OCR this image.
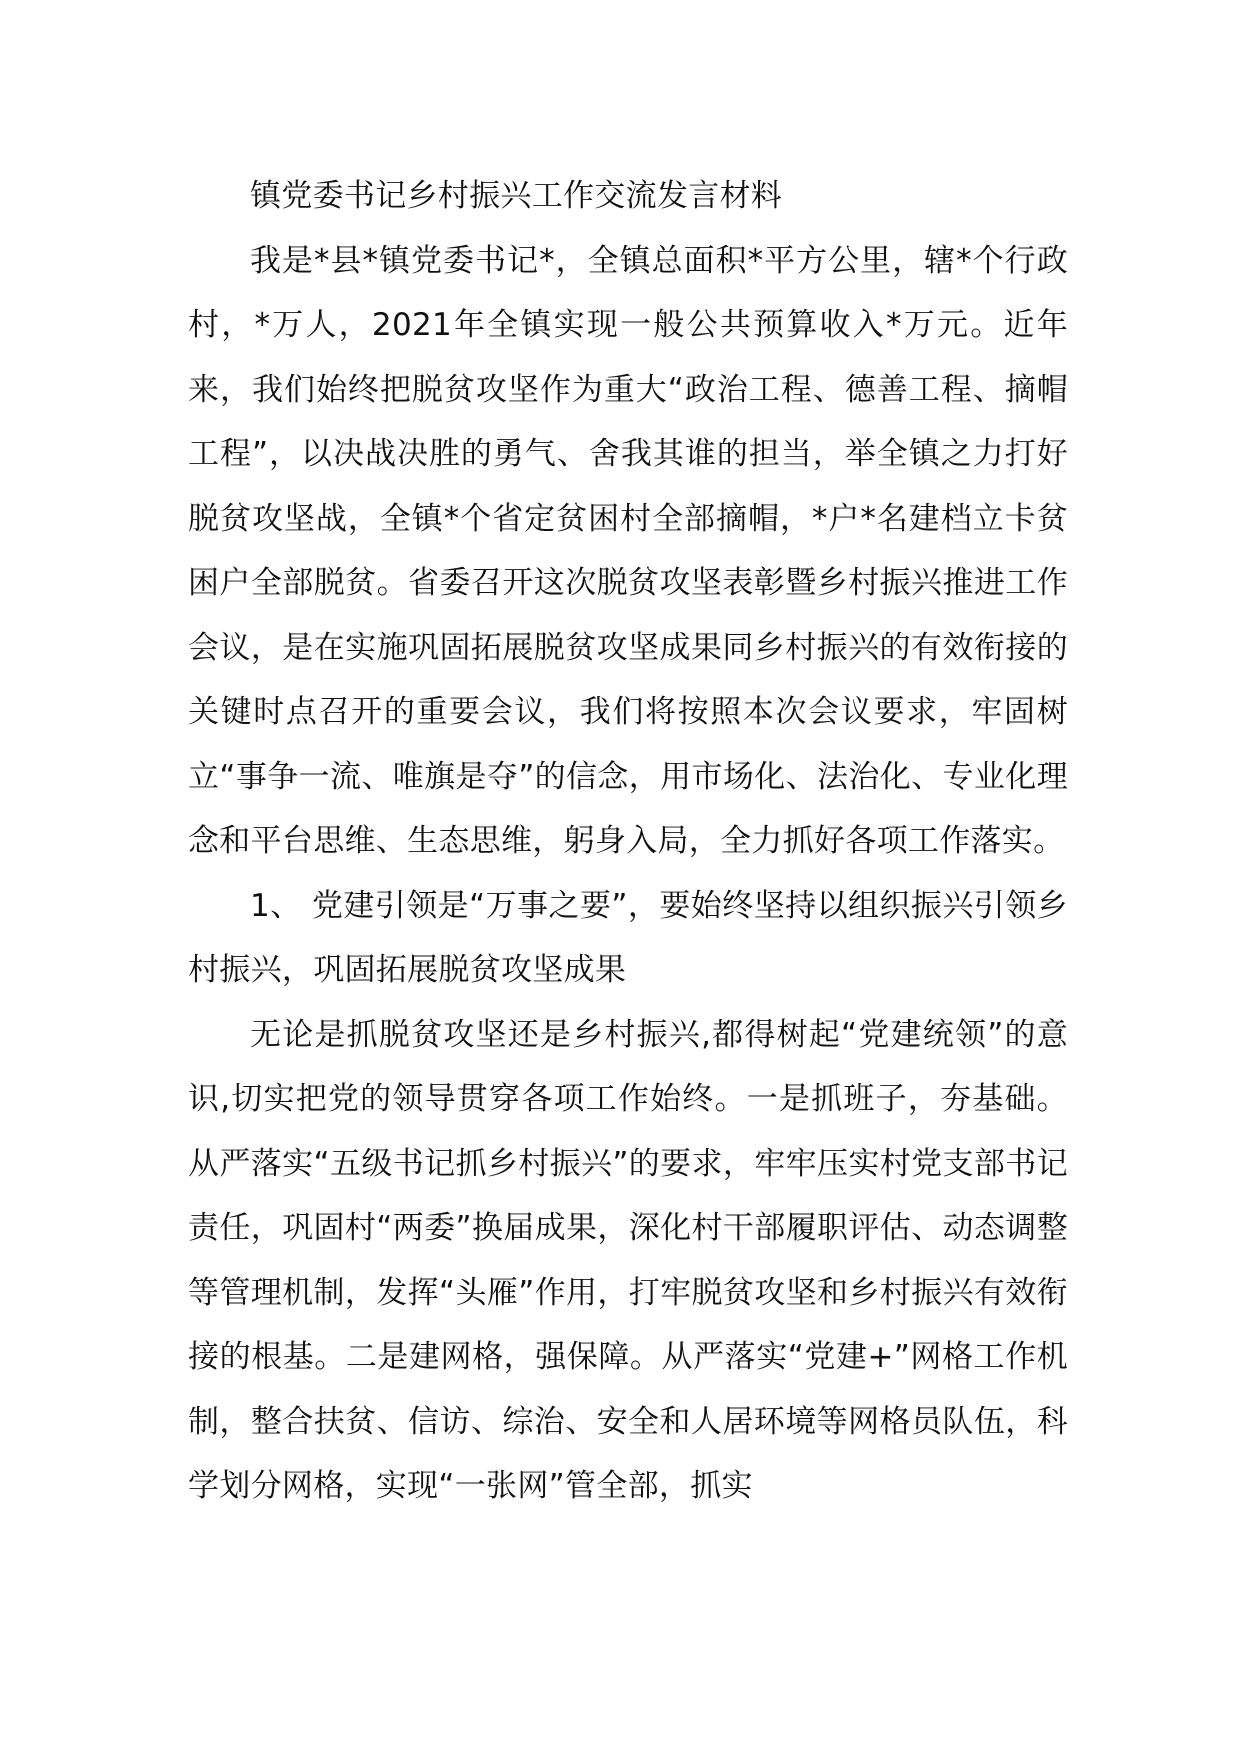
镇党委书记乡村振兴工作交流发言材料

我是*县*镇党委书记*，全镇总面积*平方公里，辖*个行政村，*万人，2021年全镇实现一般公共预算收入*万元。近年来，我们始终把脱贫攻坚作为重大“政治工程、德善工程、摘帽工程”，以决战决胜的勇气、舍我其谁的担当，举全镇之力打好脱贫攻坚战，全镇*个省定贫困村全部摘帽，*户*名建档立卡贫困户全部脱贫。省委召开这次脱贫攻坚表彰暨乡村振兴推进工作会议，是在实施巩固拓展脱贫攻坚成果同乡村振兴的有效衔接的关键时点召开的重要会议，我们将按照本次会议要求，牢固树立“事争一流、唯旗是夺”的信念，用市场化、法治化、专业化理念和平台思维、生态思维，躬身入局，全力抓好各项工作落实。

1、 党建引领是“万事之要”，要始终坚持以组织振兴引领乡村振兴，巩固拓展脱贫攻坚成果

无论是抓脱贫攻坚还是乡村振兴,都得树起“党建统领”的意识,切实把党的领导贯穿各项工作始终。一是抓班子，夯基础。从严落实“五级书记抓乡村振兴”的要求，牢牢压实村党支部书记责任，巩固村“两委”换届成果，深化村干部履职评估、动态调整等管理机制，发挥“头雁”作用，打牢脱贫攻坚和乡村振兴有效衔接的根基。二是建网格，强保障。从严落实“党建+”网格工作机制，整合扶贫、信访、综治、安全和人居环境等网格员队伍，科学划分网格，实现“一张网”管全部，抓实
